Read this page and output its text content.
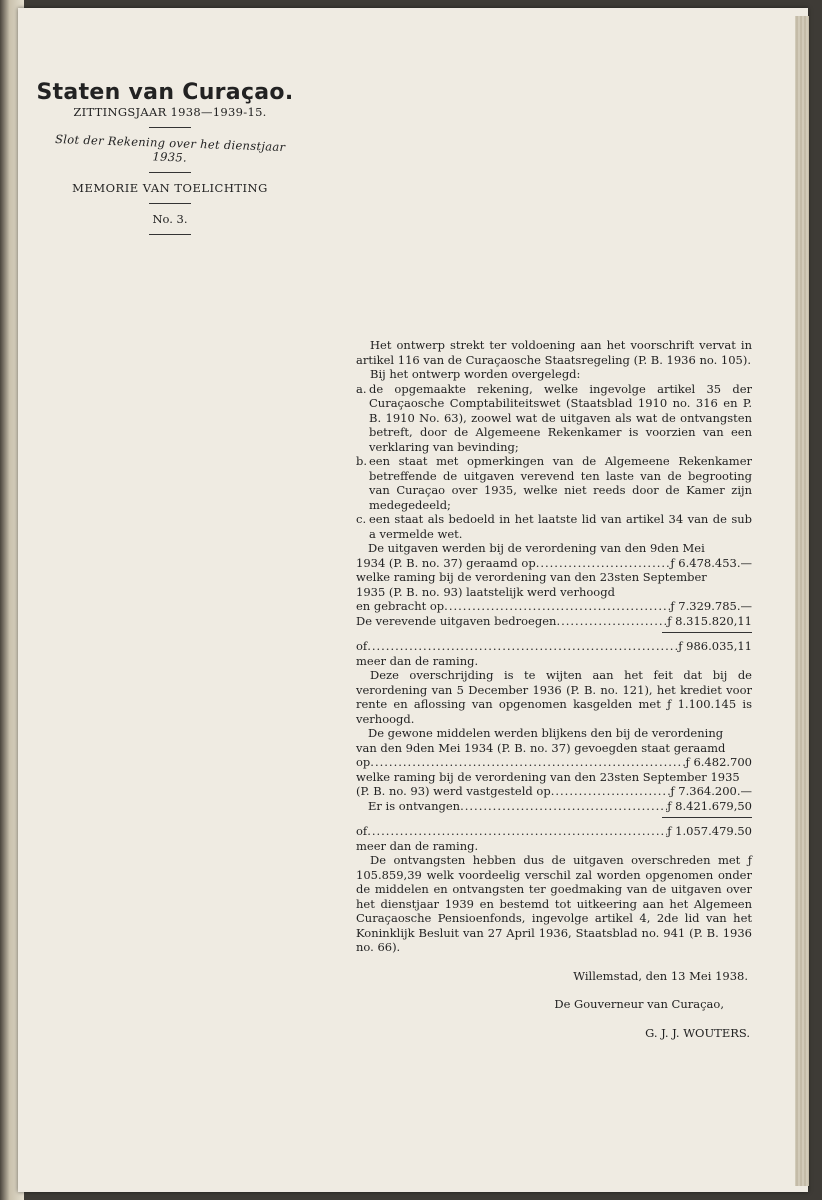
Staten van Curaçao.
ZITTINGSJAAR 1938—1939-15.
Slot der Rekening over het dienstjaar 1935.
MEMORIE VAN TOELICHTING
No. 3.

Het ontwerp strekt ter voldoening aan het voorschrift vervat in artikel 116 van de Curaçaosche Staatsregeling (P. B. 1936 no. 105).

Bij het ontwerp worden overgelegd:

a. de opgemaakte rekening, welke ingevolge artikel 35 der Curaçaosche Comptabiliteitswet (Staatsblad 1910 no. 316 en P. B. 1910 No. 63), zoowel wat de uitgaven als wat de ontvangsten betreft, door de Algemeene Rekenkamer is voorzien van een verklaring van bevinding;
b. een staat met opmerkingen van de Algemeene Rekenkamer betreffende de uitgaven verevend ten laste van de begrooting van Curaçao over 1935, welke niet reeds door de Kamer zijn medegedeeld;
c. een staat als bedoeld in het laatste lid van artikel 34 van de sub a vermelde wet.
De uitgaven werden bij de verordening van den 9den Mei
1934 (P. B. no. 37) geraamd op .....	ƒ 6.478.453.—
welke raming bij de verordening van den 23sten September
1935 (P. B. no. 93) laatstelijk werd verhoogd
en gebracht op .....	ƒ 7.329.785.—
De verevende uitgaven bedroegen .....	ƒ 8.315.820,11
of .....	ƒ 986.035,11
meer dan de raming.

Deze overschrijding is te wijten aan het feit dat bij de verordening van 5 December 1936 (P. B. no. 121), het krediet voor rente en aflossing van opgenomen kasgelden met ƒ 1.100.145 is verhoogd.

De gewone middelen werden blijkens den bij de verordening
van den 9den Mei 1934 (P. B. no. 37) gevoegden staat geraamd
op .....	ƒ 6.482.700
welke raming bij de verordening van den 23sten September 1935
(P. B. no. 93) werd vastgesteld op .....	ƒ 7.364.200.—
Er is ontvangen .....	ƒ 8.421.679,50
of .....	ƒ 1.057.479.50
meer dan de raming.

De ontvangsten hebben dus de uitgaven overschreden met ƒ 105.859,39 welk voordeelig verschil zal worden opgenomen onder de middelen en ontvangsten ter goedmaking van de uitgaven over het dienstjaar 1939 en bestemd tot uitkeering aan het Algemeen Curaçaosche Pensioenfonds, ingevolge artikel 4, 2de lid van het Koninklijk Besluit van 27 April 1936, Staatsblad no. 941 (P. B. 1936 no. 66).

Willemstad, den 13 Mei 1938.

De Gouverneur van Curaçao,

G. J. J. WOUTERS.
